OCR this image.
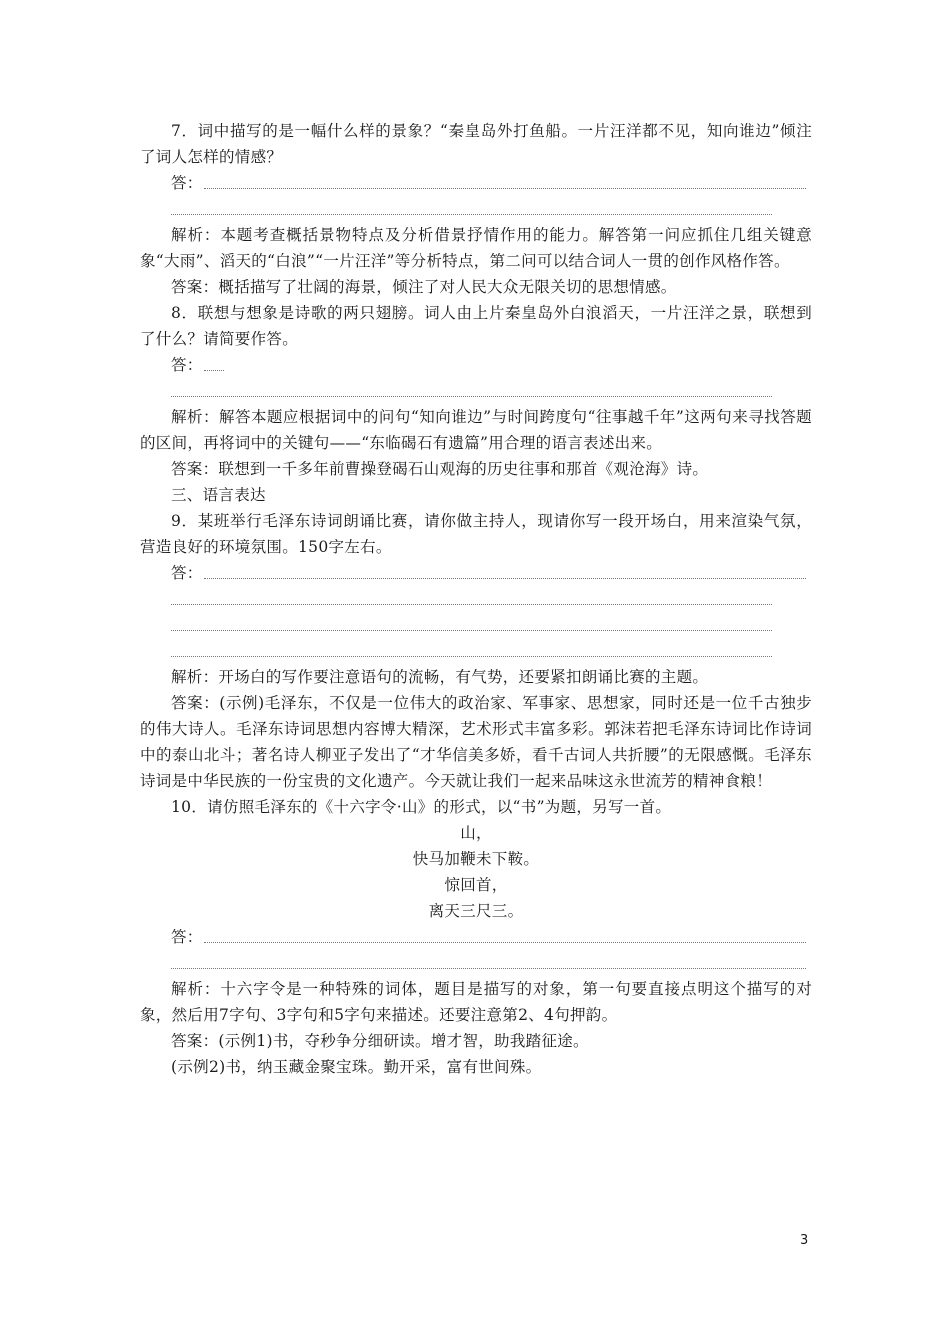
7．词中描写的是一幅什么样的景象？“秦皇岛外打鱼船。一片汪洋都不见，知向谁边”倾注了词人怎样的情感？

答：

解析：本题考查概括景物特点及分析借景抒情作用的能力。解答第一问应抓住几组关键意象“大雨”、滔天的“白浪”“一片汪洋”等分析特点，第二问可以结合词人一贯的创作风格作答。

答案：概括描写了壮阔的海景，倾注了对人民大众无限关切的思想情感。

8．联想与想象是诗歌的两只翅膀。词人由上片秦皇岛外白浪滔天，一片汪洋之景，联想到了什么？请简要作答。

答：

解析：解答本题应根据词中的问句“知向谁边”与时间跨度句“往事越千年”这两句来寻找答题的区间，再将词中的关键句——“东临碣石有遗篇”用合理的语言表述出来。

答案：联想到一千多年前曹操登碣石山观海的历史往事和那首《观沧海》诗。

三、语言表达

9．某班举行毛泽东诗词朗诵比赛，请你做主持人，现请你写一段开场白，用来渲染气氛，营造良好的环境氛围。150字左右。

答：

解析：开场白的写作要注意语句的流畅，有气势，还要紧扣朗诵比赛的主题。

答案：(示例)毛泽东，不仅是一位伟大的政治家、军事家、思想家，同时还是一位千古独步的伟大诗人。毛泽东诗词思想内容博大精深，艺术形式丰富多彩。郭沫若把毛泽东诗词比作诗词中的泰山北斗；著名诗人柳亚子发出了“才华信美多娇，看千古词人共折腰”的无限感慨。毛泽东诗词是中华民族的一份宝贵的文化遗产。今天就让我们一起来品味这永世流芳的精神食粮！

10．请仿照毛泽东的《十六字令·山》的形式，以“书”为题，另写一首。

山，

快马加鞭未下鞍。

惊回首，

离天三尺三。

答：

解析：十六字令是一种特殊的词体，题目是描写的对象，第一句要直接点明这个描写的对象，然后用7字句、3字句和5字句来描述。还要注意第2、4句押韵。

答案：(示例1)书，夺秒争分细研读。增才智，助我踏征途。

(示例2)书，纳玉藏金聚宝珠。勤开采，富有世间殊。

3
